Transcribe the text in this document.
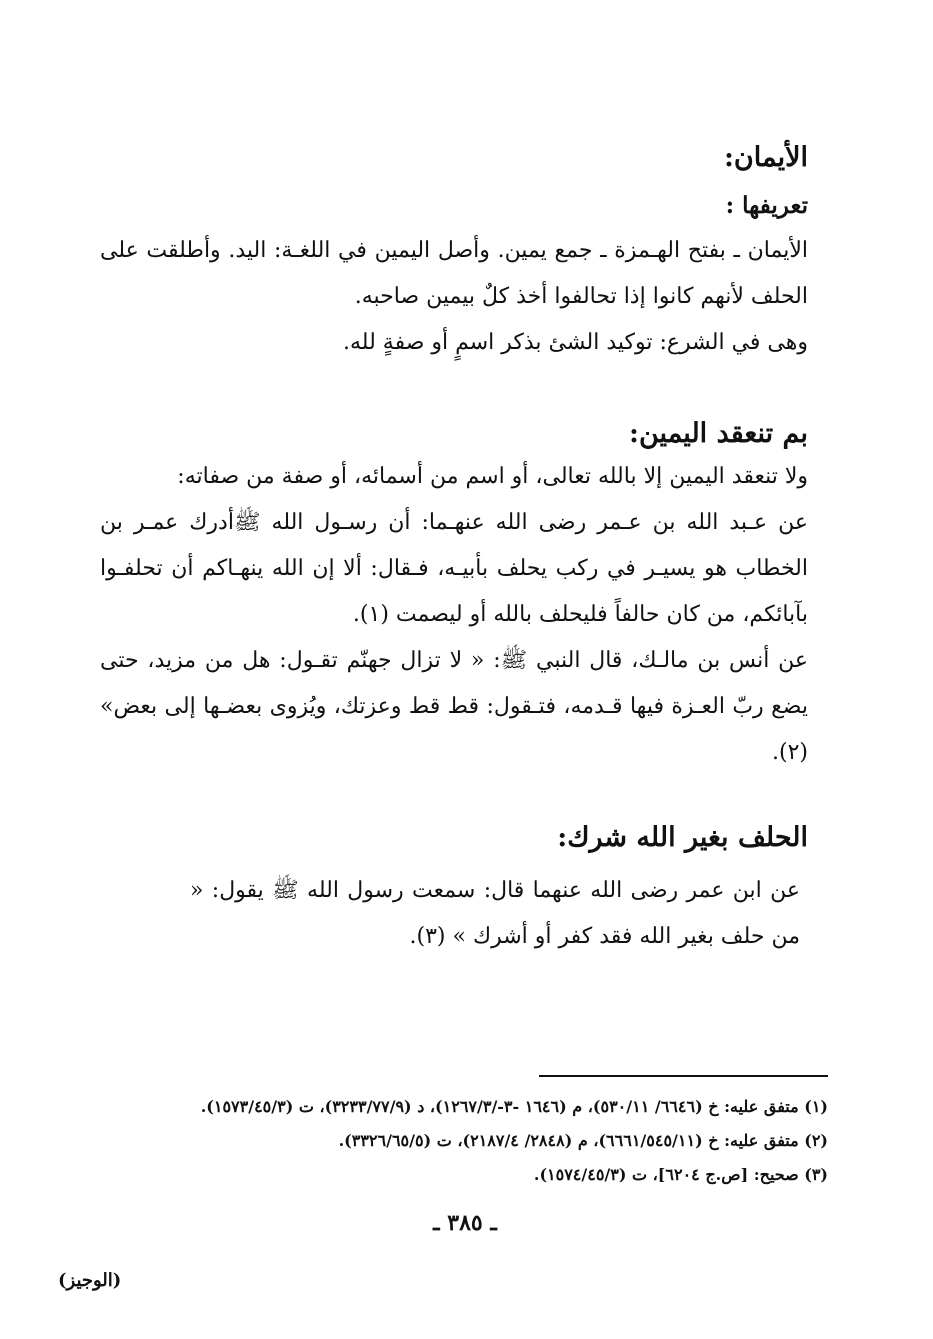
الأيمان:
تعريفها :
الأيمان ـ بفتح الهـمزة ـ جمع يمين. وأصل اليمين في اللغـة: اليد. وأطلقت على الحلف لأنهم كانوا إذا تحالفوا أخذ كلٌ بيمين صاحبه.
وهى في الشرع: توكيد الشئ بذكر اسمٍ أو صفةٍ لله.
بم تنعقد اليمين:
ولا تنعقد اليمين إلا بالله تعالى، أو اسم من أسمائه، أو صفة من صفاته:
عن عـبد الله بن عـمر رضى الله عنهـما: أن رسـول الله ﷺأدرك عمـر بن الخطاب هو يسيـر في ركب يحلف بأبيـه، فـقال: ألا إن الله ينهـاكم أن تحلفـوا بآبائكم، من كان حالفاً فليحلف بالله أو ليصمت (١).
عن أنس بن مالـك، قال النبي ﷺ: « لا تزال جهنّم تقـول: هل من مزيد، حتى يضع ربّ العـزة فيها قـدمه، فتـقول: قط قط وعزتك، ويُزوى بعضـها إلى بعض» (٢).
الحلف بغير الله شرك:
عن ابن عمر رضى الله عنهما قال: سمعت رسول الله ﷺ يقول: « من حلف بغير الله فقد كفر أو أشرك » (٣).
(١) متفق عليه: خ (٦٦٤٦/ ٥٣٠/١١)، م (١٦٤٦ -٣-/١٢٦٧/٣)، د (٣٢٣٣/٧٧/٩)، ت (١٥٧٣/٤٥/٣).
(٢) متفق عليه: خ (٦٦٦١/٥٤٥/١١)، م (٢٨٤٨/ ٢١٨٧/٤)، ت (٣٣٢٦/٦٥/٥).
(٣) صحيح: [ص.ج ٦٢٠٤]، ت (١٥٧٤/٤٥/٣).
ـ ٣٨٥ ـ
(الوجيز)
